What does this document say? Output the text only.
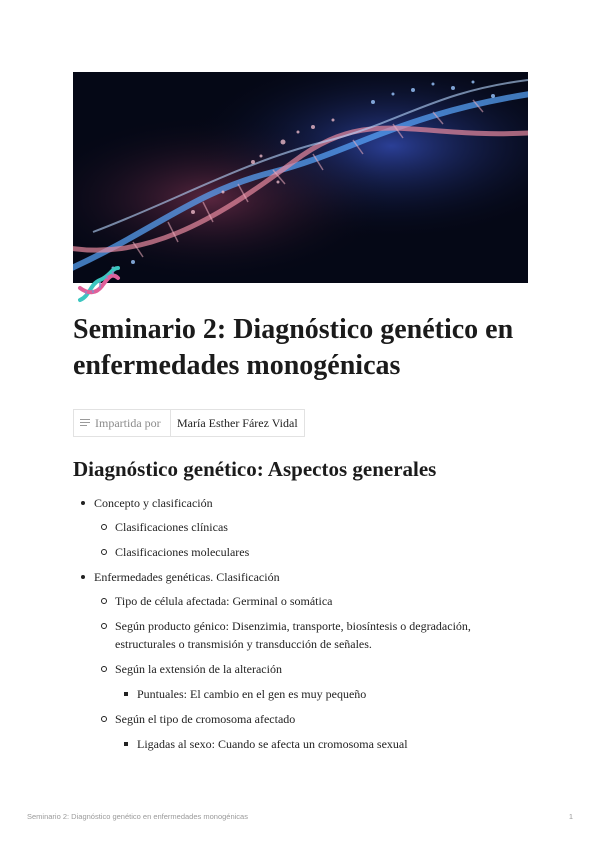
Seminario 2: Diagnóstico genético en enfermedades monogénicas
Impartida por	María Esther Fárez Vidal
Diagnóstico genético: Aspectos generales
Concepto y clasificación
Clasificaciones clínicas
Clasificaciones moleculares
Enfermedades genéticas. Clasificación
Tipo de célula afectada: Germinal o somática
Según producto génico: Disenzimia, transporte, biosíntesis o degradación, estructurales o transmisión y transducción de señales.
Según la extensión de la alteración
Puntuales: El cambio en el gen es muy pequeño
Según el tipo de cromosoma afectado
Ligadas al sexo: Cuando se afecta un cromosoma sexual
Seminario 2: Diagnóstico genético en enfermedades monogénicas	1
